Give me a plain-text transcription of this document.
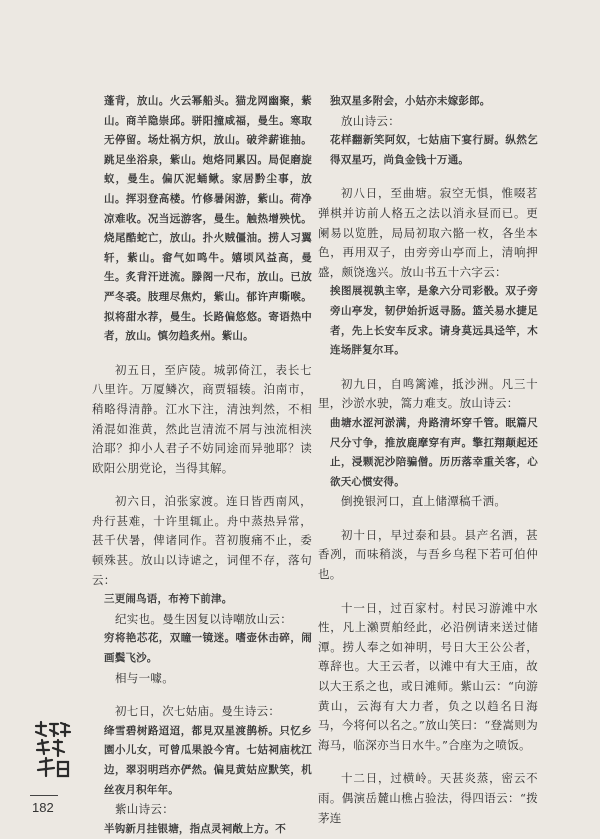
蓬背，放山。火云幂船头。猫龙网幽聚，紫山。商羊隐崇邱。骈阳撞咸福，曼生。寒取无停留。场灶祸方炽，放山。破斧薪谁抽。跳足坐浴泉，紫山。炮烙同累囚。局促磨旋蚁，曼生。偏仄泥蛹鳅。家居黔尘事，放山。挥羽登高楼。竹修暑闲游，紫山。荷净凉难收。况当远游客，曼生。触热增殃忧。烧尾酷蛇亡，放山。扑火贼僵油。捞人习翼轩，紫山。畲气如鸣牛。嬉顷风益高，曼生。炙背汗迸流。滕阁一尺布，放山。已放严冬裘。肢理尽焦灼，紫山。郁许声嘶喉。拟将甜水荐，曼生。长路偏悠悠。寄语热中者，放山。慎勿趋炙州。紫山。

初五日，至庐陵。城郭倚江，表长七八里许。万厦鳞次，商贾辐辏。泊南市，稍略得清静。江水下注，清浊判然，不相淆混如淮黄，然此岂清流不屑与浊流相浃洽耶？抑小人君子不妨同途而异驰耶？读欧阳公朋党论，当得其解。

初六日，泊张家渡。连日皆西南风，舟行甚难，十许里辄止。舟中蒸热异常，甚千伏暑，俾诸同作。苕初腹痛不止，委顿殊甚。放山以诗谑之，词俚不存，落句云：

三更闹鸟语，布袴下前津。

纪实也。曼生因复以诗嘲放山云：

穷将艳芯花，双瞳一镜迷。嗜壶休击碎，闹画鬓飞沙。

相与一噱。

初七日，次七姑庙。曼生诗云：

绛雪碧树路迢迢，都見双星渡鹊桥。只忆乡園小儿女，可曾瓜果設今宵。七姑祠庙枕江边，翠羽明珰亦俨然。偏見黄姑应默笑，机丝夜月积年年。

紫山诗云：

半钩新月挂银塘，指点灵祠敞上方。不

独双星多附会，小姑亦未嫁彭郎。

放山诗云：

花样翻新笑阿奴，七姑庙下宴行厨。纵然乞得双星巧，尚負金钱十万通。

初八日，至曲塘。寂空无惧，惟啜茗弹棋并访前人格五之法以消永昼而已。更阑易以览胜，局局初取六骼一枚，各坐本色，再用双子，由旁旁山亭而上，清响押盛，颇饶逸兴。放山书五十六字云：

挨图展视孰主宰，是象六分司彩骰。双子旁旁山亭发，韧伊始折返寻肠。篮关易水捷足者，先上长安车反求。请身莫远具迳竿，木连场胖复尔耳。

初九日，自鸣篱滩，抵沙洲。凡三十里，沙淤水驶，篙力难支。放山诗云：

曲塘水涩河淤满，舟路清坏穿千管。眠篇尺尺分寸争，推放鹿摩穿有声。擎扛翔颠起还止，浸颗泥沙陪骗僧。历历落幸重关客，心欲天心惯安得。

倒挽银河口，直上储潭稿千洒。

初十日，早过泰和县。县产名酒，甚香冽，而味稍淡，与吾乡乌程下若可伯仲也。

十一日，过百家村。村民习游滩中水性，凡上濑贾舶经此，必沿例请来送过储潭。捞人奉之如神明，号日大王公公者，尊辞也。大王云者，以滩中有大王庙，故以大王系之也，或日滩师。紫山云：“向游黄山，云海有大力者，负之以趋名日海马，今将何以名之。”放山笑曰：“登嵩则为海马，临深亦当日水牛。”合座为之喷饭。

十二日，过横岭。天甚炎蒸，密云不雨。偶演岳麓山樵占验法，得四语云：“拨茅连

182
